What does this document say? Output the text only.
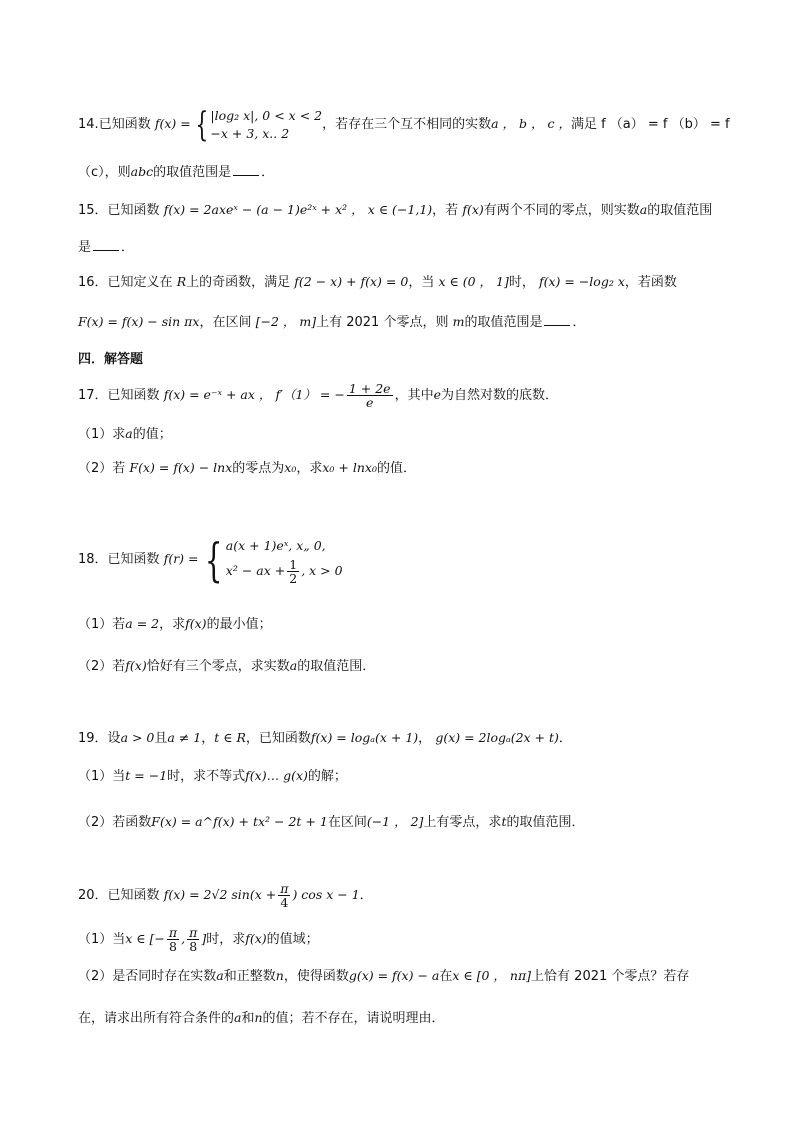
14.已知函数 f(x) = { |log₂ x|, 0 < x < 2
−x + 3, x.. 2
，若存在三个互不相同的实数a ， b ， c ，满足 f （a） = f （b） = f
（c），则abc的取值范围是 ．
15．已知函数 f(x) = 2axeˣ − (a − 1)e²ˣ + x² ， x ∈ (−1,1)，若 f(x)有两个不同的零点，则实数a的取值范围
是 ．
16．已知定义在 R上的奇函数，满足 f(2 − x) + f(x) = 0，当 x ∈ (0 ， 1]时， f(x) = −log₂ x，若函数
F(x) = f(x) − sin πx，在区间 [−2 ， m]上有 2021 个零点，则 m的取值范围是 ．
四．解答题
17．已知函数 f(x) = e⁻ˣ + ax ， f′（1） = − $\frac{1 + 2e}{e}$ ，其中e为自然对数的底数．
（1）求a的值；
（2）若 F(x) = f(x) − lnx的零点为x₀，求x₀ + lnx₀的值．
18．已知函数 f(r) = { a(x + 1)eˣ, x„ 0,
x² − ax + $\frac{1}{2}$ , x > 0
（1）若a = 2，求f(x)的最小值；
（2）若f(x)恰好有三个零点，求实数a的取值范围．
19．设a > 0且a ≠ 1，t ∈ R，已知函数f(x) = logₐ(x + 1)， g(x) = 2logₐ(2x + t)．
（1）当t = −1时，求不等式f(x)… g(x)的解；
（2）若函数F(x) = a^f(x) + tx² − 2t + 1在区间(−1 ， 2]上有零点，求t的取值范围．
20．已知函数 f(x) = 2√2 $\sin(x + \frac{\pi}{4}$ ) cos x − 1．
（1）当x ∈ [− $\frac{\pi}{8}$ , $\frac{\pi}{8}$ ]时，求f(x)的值域；
（2）是否同时存在实数a和正整数n，使得函数g(x) = f(x) − a在x ∈ [0 ， nπ]上恰有 2021 个零点？若存
在，请求出所有符合条件的a和n的值；若不存在，请说明理由．
